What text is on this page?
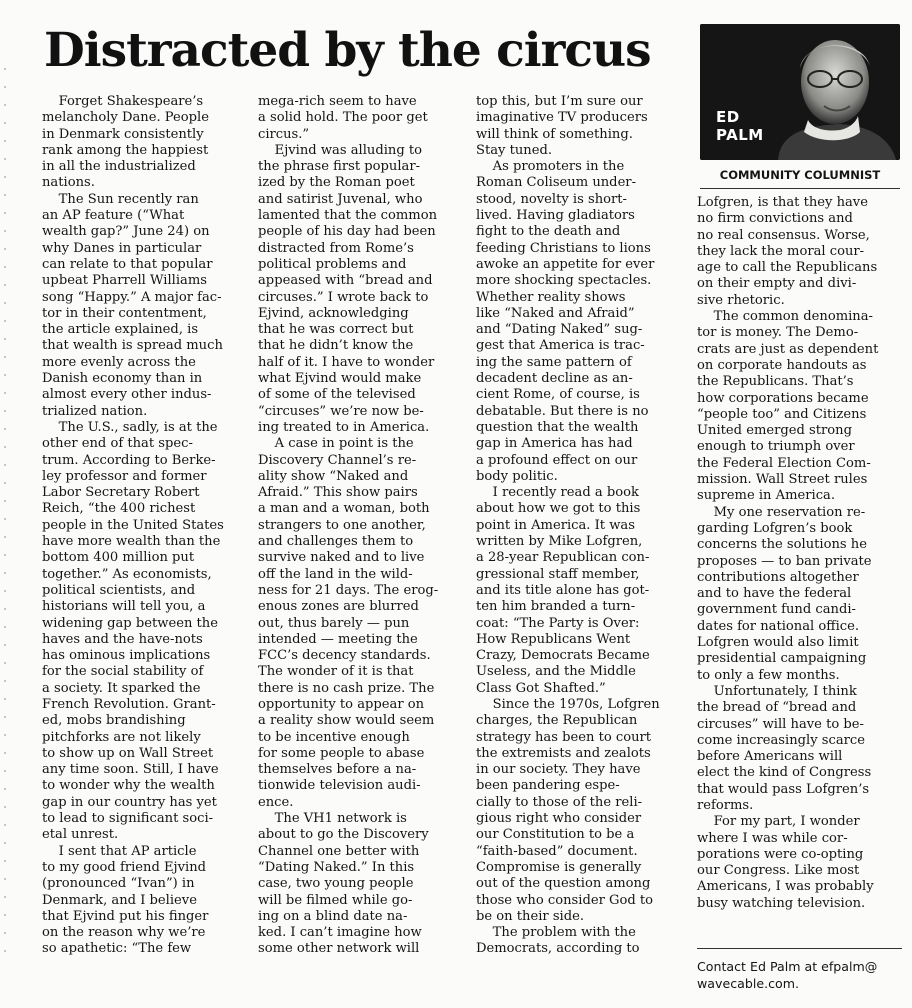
Distracted by the circus
ED
PALM
COMMUNITY COLUMNIST
Forget Shakespeare’s
melancholy Dane. People
in Denmark consistently
rank among the happiest
in all the industrialized
nations.
The Sun recently ran
an AP feature (“What
wealth gap?” June 24) on
why Danes in particular
can relate to that popular
upbeat Pharrell Williams
song “Happy.” A major fac-
tor in their contentment,
the article explained, is
that wealth is spread much
more evenly across the
Danish economy than in
almost every other indus-
trialized nation.
The U.S., sadly, is at the
other end of that spec-
trum. According to Berke-
ley professor and former
Labor Secretary Robert
Reich, “the 400 richest
people in the United States
have more wealth than the
bottom 400 million put
together.” As economists,
political scientists, and
historians will tell you, a
widening gap between the
haves and the have-nots
has ominous implications
for the social stability of
a society. It sparked the
French Revolution. Grant-
ed, mobs brandishing
pitchforks are not likely
to show up on Wall Street
any time soon. Still, I have
to wonder why the wealth
gap in our country has yet
to lead to significant soci-
etal unrest.
I sent that AP article
to my good friend Ejvind
(pronounced “Ivan”) in
Denmark, and I believe
that Ejvind put his finger
on the reason why we’re
so apathetic: “The few
mega-rich seem to have
a solid hold. The poor get
circus.”
Ejvind was alluding to
the phrase first popular-
ized by the Roman poet
and satirist Juvenal, who
lamented that the common
people of his day had been
distracted from Rome’s
political problems and
appeased with “bread and
circuses.” I wrote back to
Ejvind, acknowledging
that he was correct but
that he didn’t know the
half of it. I have to wonder
what Ejvind would make
of some of the televised
“circuses” we’re now be-
ing treated to in America.
A case in point is the
Discovery Channel’s re-
ality show “Naked and
Afraid.” This show pairs
a man and a woman, both
strangers to one another,
and challenges them to
survive naked and to live
off the land in the wild-
ness for 21 days. The erog-
enous zones are blurred
out, thus barely — pun
intended — meeting the
FCC’s decency standards.
The wonder of it is that
there is no cash prize. The
opportunity to appear on
a reality show would seem
to be incentive enough
for some people to abase
themselves before a na-
tionwide television audi-
ence.
The VH1 network is
about to go the Discovery
Channel one better with
“Dating Naked.” In this
case, two young people
will be filmed while go-
ing on a blind date na-
ked. I can’t imagine how
some other network will
top this, but I’m sure our
imaginative TV producers
will think of something.
Stay tuned.
As promoters in the
Roman Coliseum under-
stood, novelty is short-
lived. Having gladiators
fight to the death and
feeding Christians to lions
awoke an appetite for ever
more shocking spectacles.
Whether reality shows
like “Naked and Afraid”
and “Dating Naked” sug-
gest that America is trac-
ing the same pattern of
decadent decline as an-
cient Rome, of course, is
debatable. But there is no
question that the wealth
gap in America has had
a profound effect on our
body politic.
I recently read a book
about how we got to this
point in America. It was
written by Mike Lofgren,
a 28-year Republican con-
gressional staff member,
and its title alone has got-
ten him branded a turn-
coat: “The Party is Over:
How Republicans Went
Crazy, Democrats Became
Useless, and the Middle
Class Got Shafted.”
Since the 1970s, Lofgren
charges, the Republican
strategy has been to court
the extremists and zealots
in our society. They have
been pandering espe-
cially to those of the reli-
gious right who consider
our Constitution to be a
“faith-based” document.
Compromise is generally
out of the question among
those who consider God to
be on their side.
The problem with the
Democrats, according to
Lofgren, is that they have
no firm convictions and
no real consensus. Worse,
they lack the moral cour-
age to call the Republicans
on their empty and divi-
sive rhetoric.
The common denomina-
tor is money. The Demo-
crats are just as dependent
on corporate handouts as
the Republicans. That’s
how corporations became
“people too” and Citizens
United emerged strong
enough to triumph over
the Federal Election Com-
mission. Wall Street rules
supreme in America.
My one reservation re-
garding Lofgren’s book
concerns the solutions he
proposes — to ban private
contributions altogether
and to have the federal
government fund candi-
dates for national office.
Lofgren would also limit
presidential campaigning
to only a few months.
Unfortunately, I think
the bread of “bread and
circuses” will have to be-
come increasingly scarce
before Americans will
elect the kind of Congress
that would pass Lofgren’s
reforms.
For my part, I wonder
where I was while cor-
porations were co-opting
our Congress. Like most
Americans, I was probably
busy watching television.
Contact Ed Palm at efpalm@
wavecable.com.
